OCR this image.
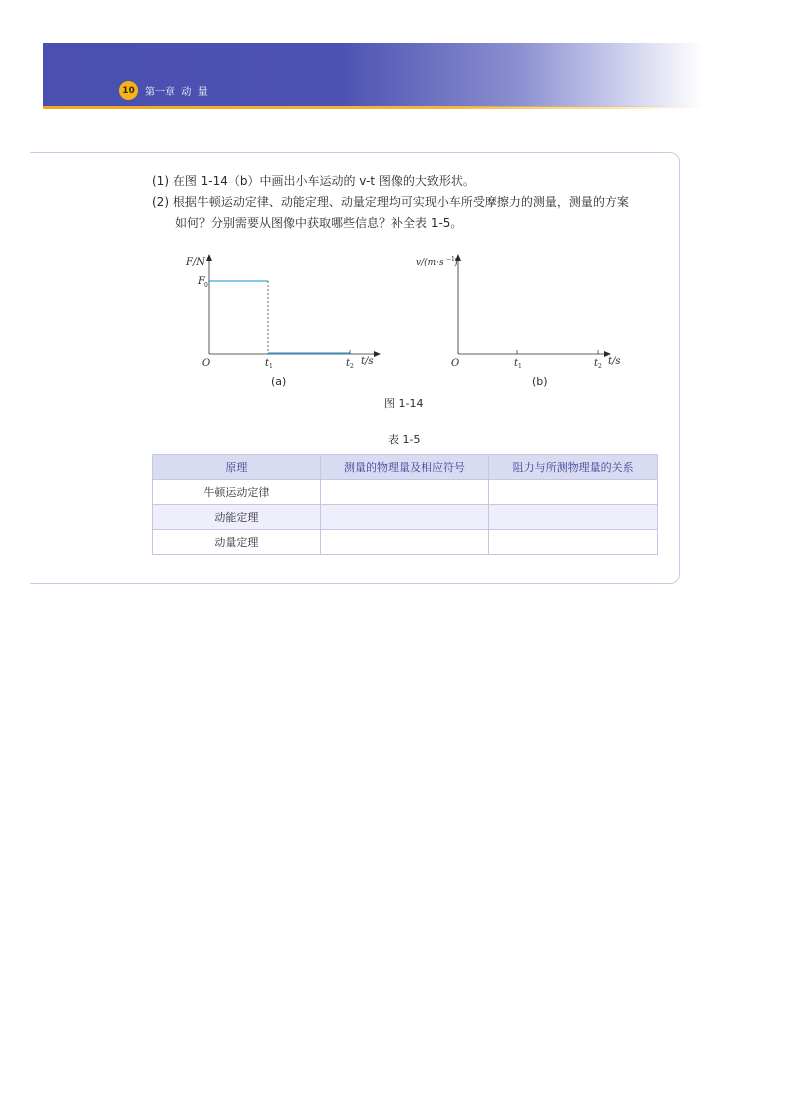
10	第一章  动  量
(1) 在图 1-14（b）中画出小车运动的 v-t 图像的大致形状。
(2) 根据牛顿运动定律、动能定理、动量定理均可实现小车所受摩擦力的测量，测量的方案
如何？分别需要从图像中获取哪些信息？补全表 1-5。
F/N
F 0
O	t 1	t 2 t/s
(a)
v/(m·s −1 )
O	t 1	t 2 t/s
(b)
图 1-14
表 1-5
原理	测量的物理量及相应符号	阻力与所测物理量的关系
牛顿运动定律		
动能定理		
动量定理		
